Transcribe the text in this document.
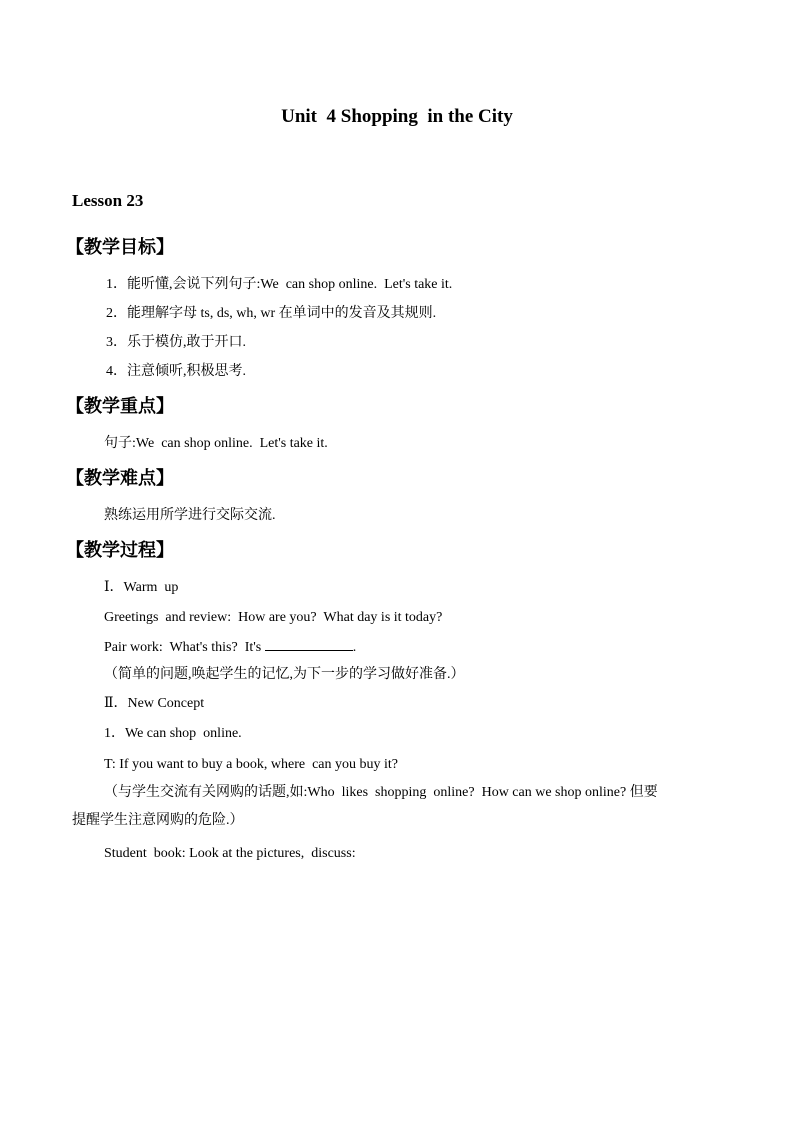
Unit  4 Shopping  in the City
Lesson 23
【教学目标】
1．能听懂,会说下列句子:We  can shop online.  Let's take it.
2．能理解字母 ts, ds, wh, wr 在单词中的发音及其规则.
3．乐于模仿,敢于开口.
4．注意倾听,积极思考.
【教学重点】
句子:We  can shop online.  Let's take it.
【教学难点】
熟练运用所学进行交际交流.
【教学过程】
Ⅰ．Warm  up
Greetings  and review:  How are you?  What day is it today?
Pair work:  What's this?  It's	.
（简单的问题,唤起学生的记忆,为下一步的学习做好准备.）
Ⅱ．New Concept
1．We can shop  online.
T: If you want to buy a book, where  can you buy it?
（与学生交流有关网购的话题,如:Who  likes  shopping  online?  How can we shop online? 但要
提醒学生注意网购的危险.）
Student  book: Look at the pictures,  discuss:
